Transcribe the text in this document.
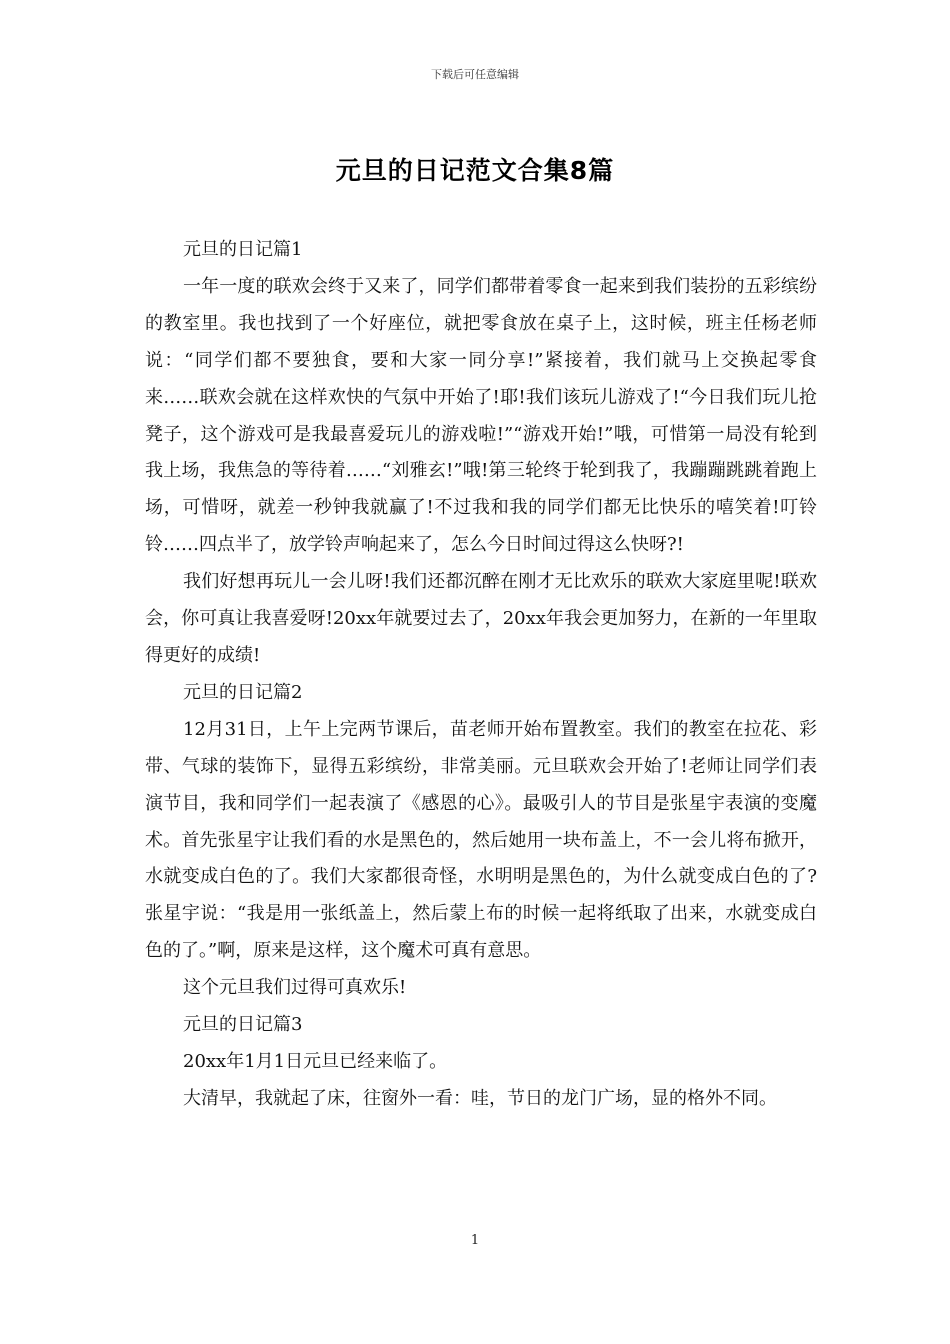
下载后可任意编辑
元旦的日记范文合集8篇

元旦的日记篇1

一年一度的联欢会终于又来了，同学们都带着零食一起来到我们装扮的五彩缤纷的教室里。我也找到了一个好座位，就把零食放在桌子上，这时候，班主任杨老师说：“同学们都不要独食，要和大家一同分享!”紧接着，我们就马上交换起零食来……联欢会就在这样欢快的气氛中开始了!耶!我们该玩儿游戏了!“今日我们玩儿抢凳子，这个游戏可是我最喜爱玩儿的游戏啦!”“游戏开始!”哦，可惜第一局没有轮到我上场，我焦急的等待着……“刘雅玄!”哦!第三轮终于轮到我了，我蹦蹦跳跳着跑上场，可惜呀，就差一秒钟我就赢了!不过我和我的同学们都无比快乐的嘻笑着!叮铃铃……四点半了，放学铃声响起来了，怎么今日时间过得这么快呀?!

我们好想再玩儿一会儿呀!我们还都沉醉在刚才无比欢乐的联欢大家庭里呢!联欢会，你可真让我喜爱呀!20xx年就要过去了，20xx年我会更加努力，在新的一年里取得更好的成绩!

元旦的日记篇2

12月31日，上午上完两节课后，苗老师开始布置教室。我们的教室在拉花、彩带、气球的装饰下，显得五彩缤纷，非常美丽。元旦联欢会开始了!老师让同学们表演节目，我和同学们一起表演了《感恩的心》。最吸引人的节目是张星宇表演的变魔术。首先张星宇让我们看的水是黑色的，然后她用一块布盖上，不一会儿将布掀开，水就变成白色的了。我们大家都很奇怪，水明明是黑色的，为什么就变成白色的了?张星宇说：“我是用一张纸盖上，然后蒙上布的时候一起将纸取了出来，水就变成白色的了。”啊，原来是这样，这个魔术可真有意思。

这个元旦我们过得可真欢乐!

元旦的日记篇3

20xx年1月1日元旦已经来临了。

大清早，我就起了床，往窗外一看：哇，节日的龙门广场，显的格外不同。

1
